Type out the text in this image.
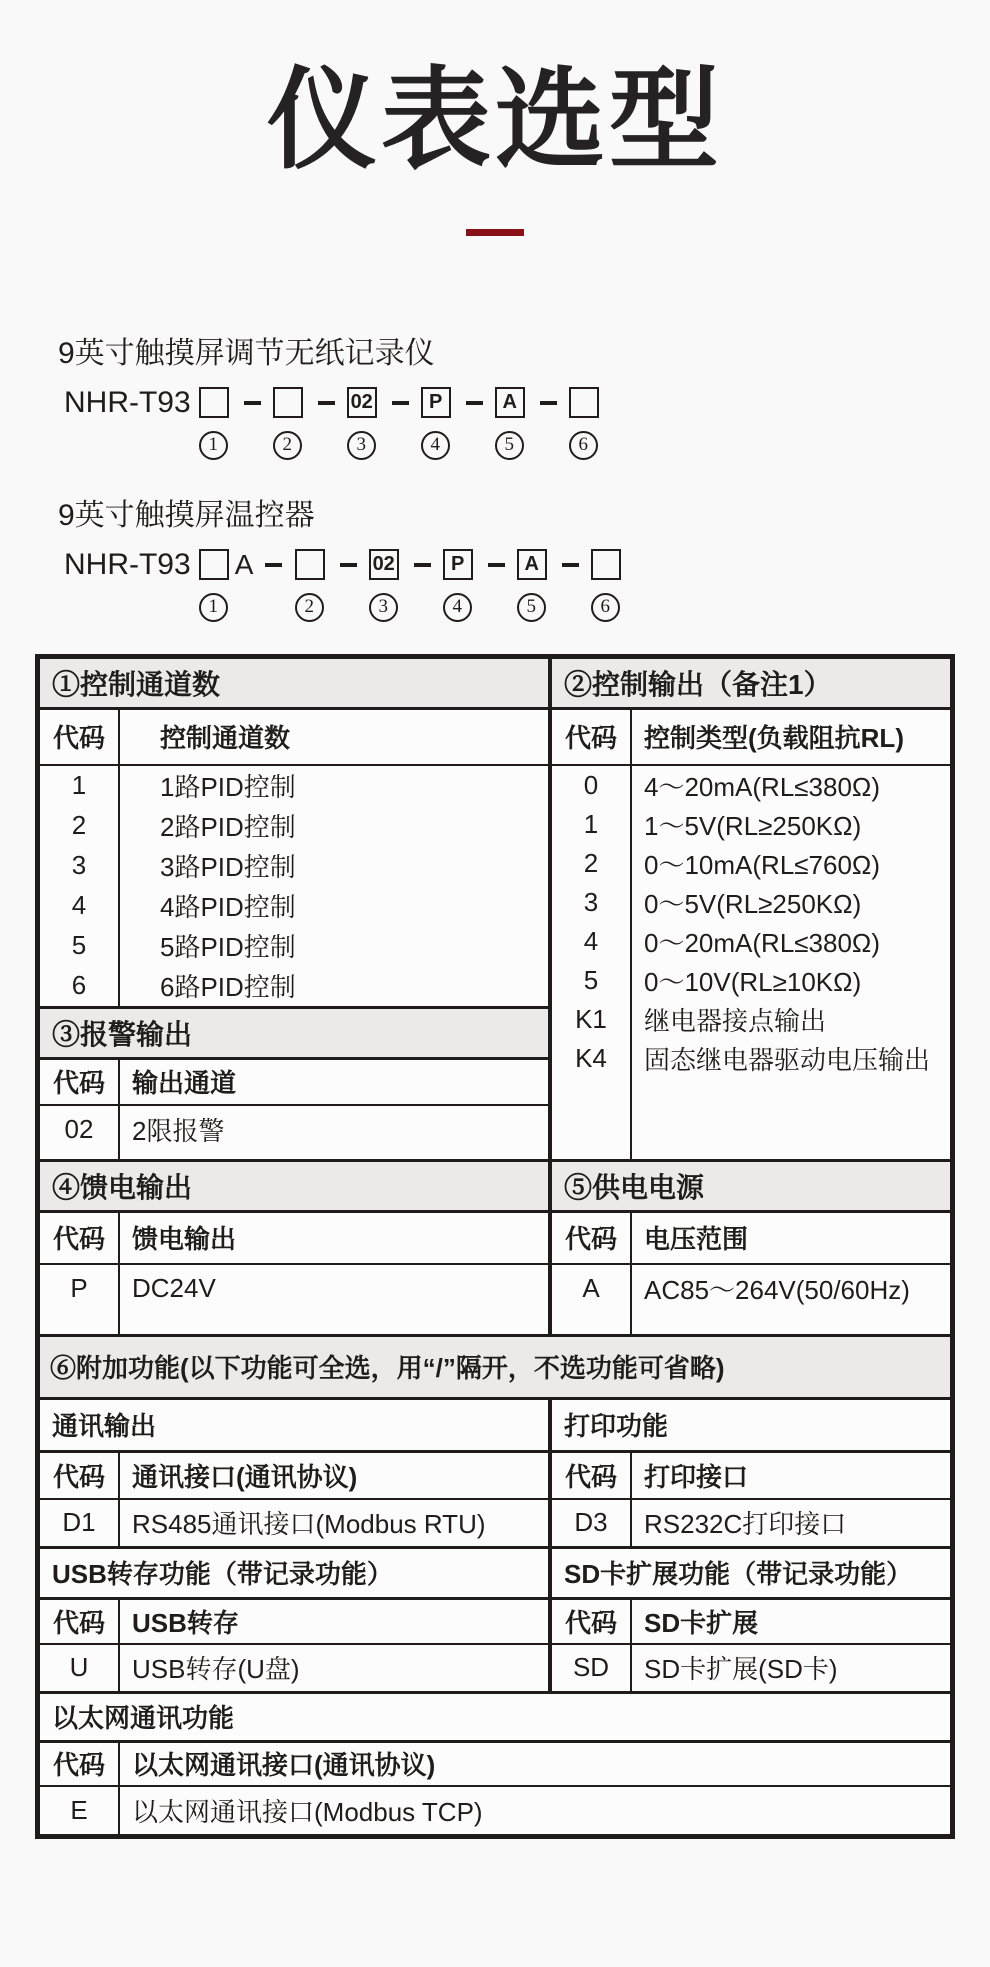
仪表选型

9英寸触摸屏调节无纸记录仪

NHR-T93
1	2
02
3
P
4
A
5	6

9英寸触摸屏温控器

NHR-T93 A
1	2
02
3
P
4
A
5	6
①控制通道数
代码	控制通道数
1	1路PID控制
2	2路PID控制
3	3路PID控制
4	4路PID控制
5	5路PID控制
6	6路PID控制
③报警输出
代码	输出通道
02	2限报警
②控制输出（备注1）
代码	控制类型(负载阻抗RL)
0	4～20mA(RL≤380Ω)
1	1～5V(RL≥250KΩ)
2	0～10mA(RL≤760Ω)
3	0～5V(RL≥250KΩ)
4	0～20mA(RL≤380Ω)
5	0～10V(RL≥10KΩ)
K1	继电器接点输出
K4	固态继电器驱动电压输出
④馈电输出
代码	馈电输出
P	DC24V
⑤供电电源
代码	电压范围
A	AC85～264V(50/60Hz)
⑥附加功能(以下功能可全选，用“/”隔开，不选功能可省略)
通讯输出
代码	通讯接口(通讯协议)
D1	RS485通讯接口(Modbus RTU)
打印功能
代码	打印接口
D3	RS232C打印接口
USB转存功能（带记录功能）
代码	USB转存
U	USB转存(U盘)
SD卡扩展功能（带记录功能）
代码	SD卡扩展
SD	SD卡扩展(SD卡)
以太网通讯功能
代码	以太网通讯接口(通讯协议)
E	以太网通讯接口(Modbus TCP)
